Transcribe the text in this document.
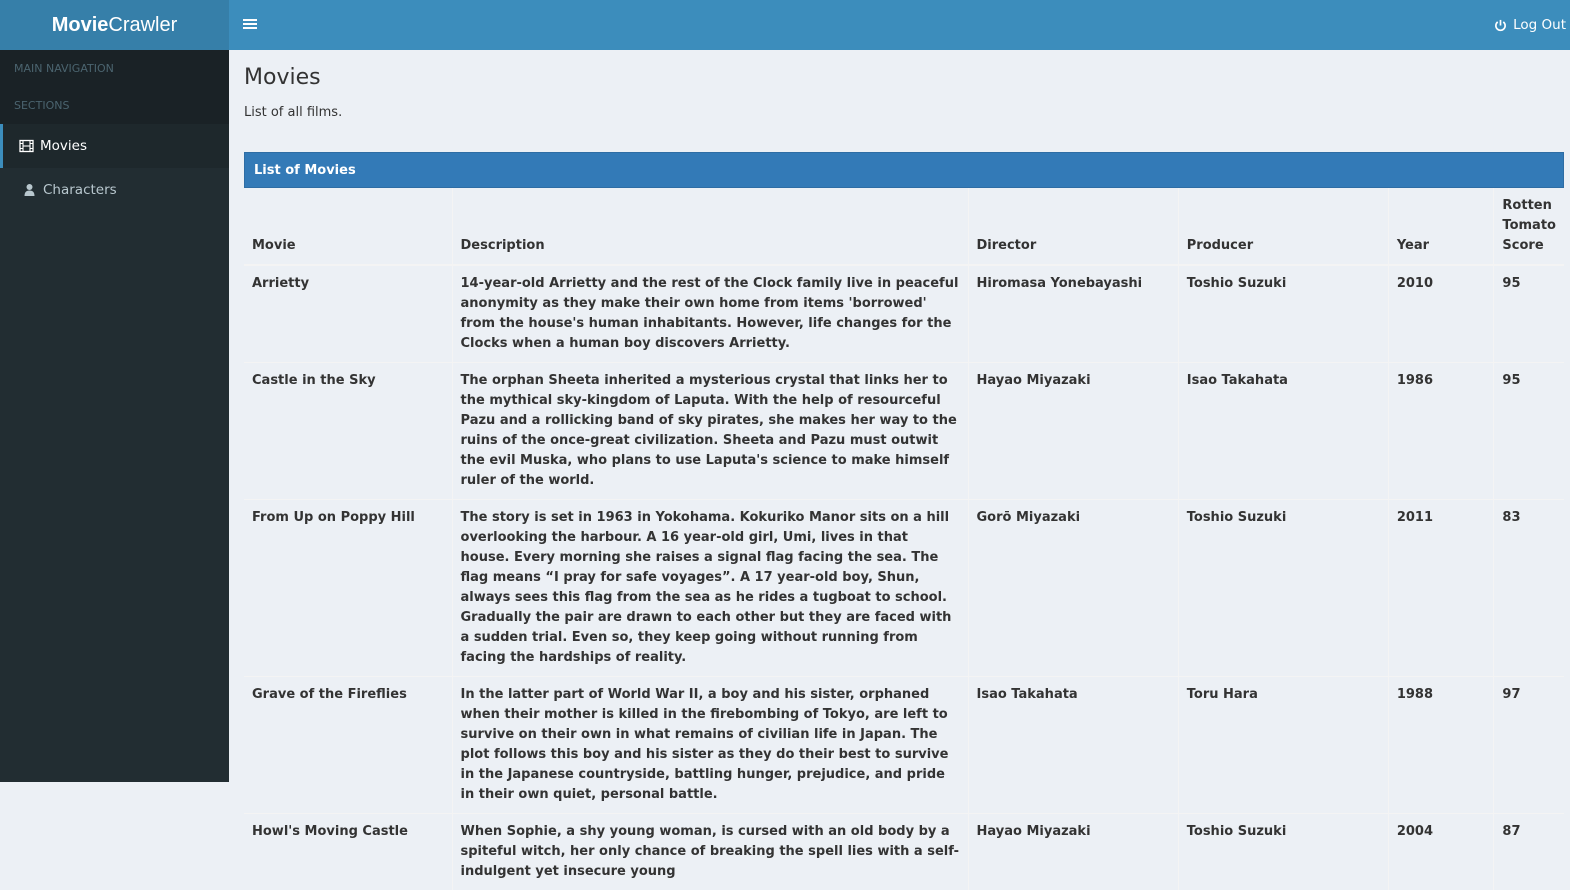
Movie Crawler	Log Out
MAIN NAVIGATION
SECTIONS
Movies
Characters
Movies

List of all films.

List of Movies
Movie	Description	Director	Producer	Year	Rotten Tomato Score
Arrietty	14-year-old Arrietty and the rest of the Clock family live in peaceful anonymity as they make their own home from items 'borrowed' from the house's human inhabitants. However, life changes for the Clocks when a human boy discovers Arrietty.	Hiromasa Yonebayashi	Toshio Suzuki	2010	95
Castle in the Sky	The orphan Sheeta inherited a mysterious crystal that links her to the mythical sky-kingdom of Laputa. With the help of resourceful Pazu and a rollicking band of sky pirates, she makes her way to the ruins of the once-great civilization. Sheeta and Pazu must outwit the evil Muska, who plans to use Laputa's science to make himself ruler of the world.	Hayao Miyazaki	Isao Takahata	1986	95
From Up on Poppy Hill	The story is set in 1963 in Yokohama. Kokuriko Manor sits on a hill overlooking the harbour. A 16 year-old girl, Umi, lives in that house. Every morning she raises a signal flag facing the sea. The flag means “I pray for safe voyages”. A 17 year-old boy, Shun, always sees this flag from the sea as he rides a tugboat to school. Gradually the pair are drawn to each other but they are faced with a sudden trial. Even so, they keep going without running from facing the hardships of reality.	Gorō Miyazaki	Toshio Suzuki	2011	83
Grave of the Fireflies	In the latter part of World War II, a boy and his sister, orphaned when their mother is killed in the firebombing of Tokyo, are left to survive on their own in what remains of civilian life in Japan. The plot follows this boy and his sister as they do their best to survive in the Japanese countryside, battling hunger, prejudice, and pride in their own quiet, personal battle.	Isao Takahata	Toru Hara	1988	97
Howl's Moving Castle	When Sophie, a shy young woman, is cursed with an old body by a spiteful witch, her only chance of breaking the spell lies with a self-indulgent yet insecure young	Hayao Miyazaki	Toshio Suzuki	2004	87
